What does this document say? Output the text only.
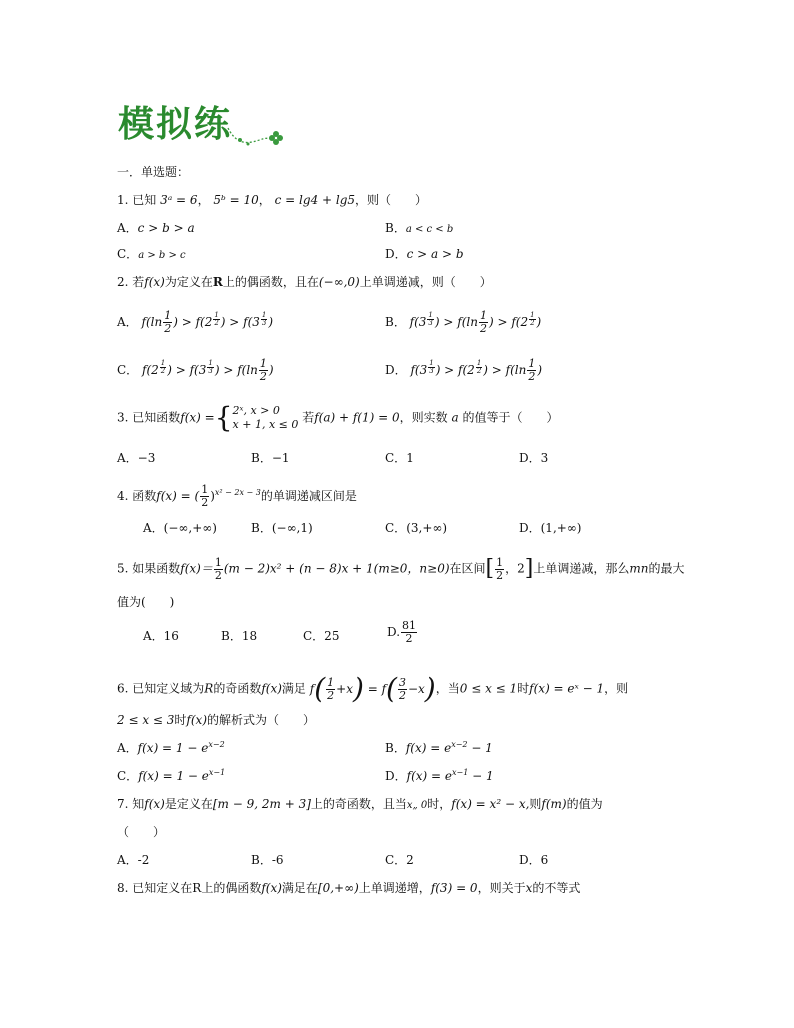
模拟练
一．单选题：
1. 已知 3ᵃ = 6， 5ᵇ = 10， c = lg4 + lg5，则（　　）
A．c > b > a	B．a < c < b
C．a > b > c	D．c > a > b
2. 若f(x)为定义在R上的偶函数，且在(−∞,0)上单调递减，则（　　）
A． $f(\ln \frac{1}{2}$ ) > f(2 $^{\frac{1}{2}}$ ) > f(3 $^{\frac{1}{3}}$ )	B． f(3 $^{\frac{1}{3}}$ ) > $f(\ln \frac{1}{2}$ ) > f(2 $^{\frac{1}{2}}$ )
C． f(2 $^{\frac{1}{2}}$ ) > f(3 $^{\frac{1}{3}}$ ) > $f(\ln \frac{1}{2}$ )	D． f(3 $^{\frac{1}{3}}$ ) > f(2 $^{\frac{1}{2}}$ ) > $f(\ln \frac{1}{2}$ )
3. 已知函数f(x) ={ 2ˣ, x > 0
x + 1, x ≤ 0 若f(a) + f(1) = 0，则实数 a 的值等于（　　）
A．−3	B．−1	C．1	D．3
4. 函数f(x) = ( $\frac{1}{2} )^{x^2 - 2x - 3}$的单调递减区间是
A．(−∞,+∞)	B．(−∞,1)	C．(3,+∞)	D．(1,+∞)
5. 如果函数$f(x)= \frac{1}{2} (m - 2)x^2 + (n - 8)x + 1(m\ge 0$，n≥0)在区间[ $\frac{1}{2}$ ，2]上单调递减，那么mn的最大
值为(　　)
A．16	B．18	C．25	D. $\frac{81}{2}$
6. 已知定义域为R的奇函数f(x)满足 $f( \frac{1}{2} +x) = f( \frac{3}{2} -x)$，当0 ≤ x ≤ 1时f(x) = eˣ − 1，则
2 ≤ x ≤ 3时f(x)的解析式为（　　）
A．$f(x) = 1 - e^{x-2}$	B．$f(x) = e^{x-2} - 1$
C．$f(x) = 1 - e^{x-1}$	D．$f(x) = e^{x-1} - 1$
7. 知f(x)是定义在[m − 9, 2m + 3]上的奇函数，且当x„ 0时，f(x) = x² − x,则f(m)的值为
（　　）
A．-2	B．-6	C．2	D．6
8. 已知定义在R上的偶函数f(x)满足在[0,+∞)上单调递增，f(3) = 0，则关于x的不等式
